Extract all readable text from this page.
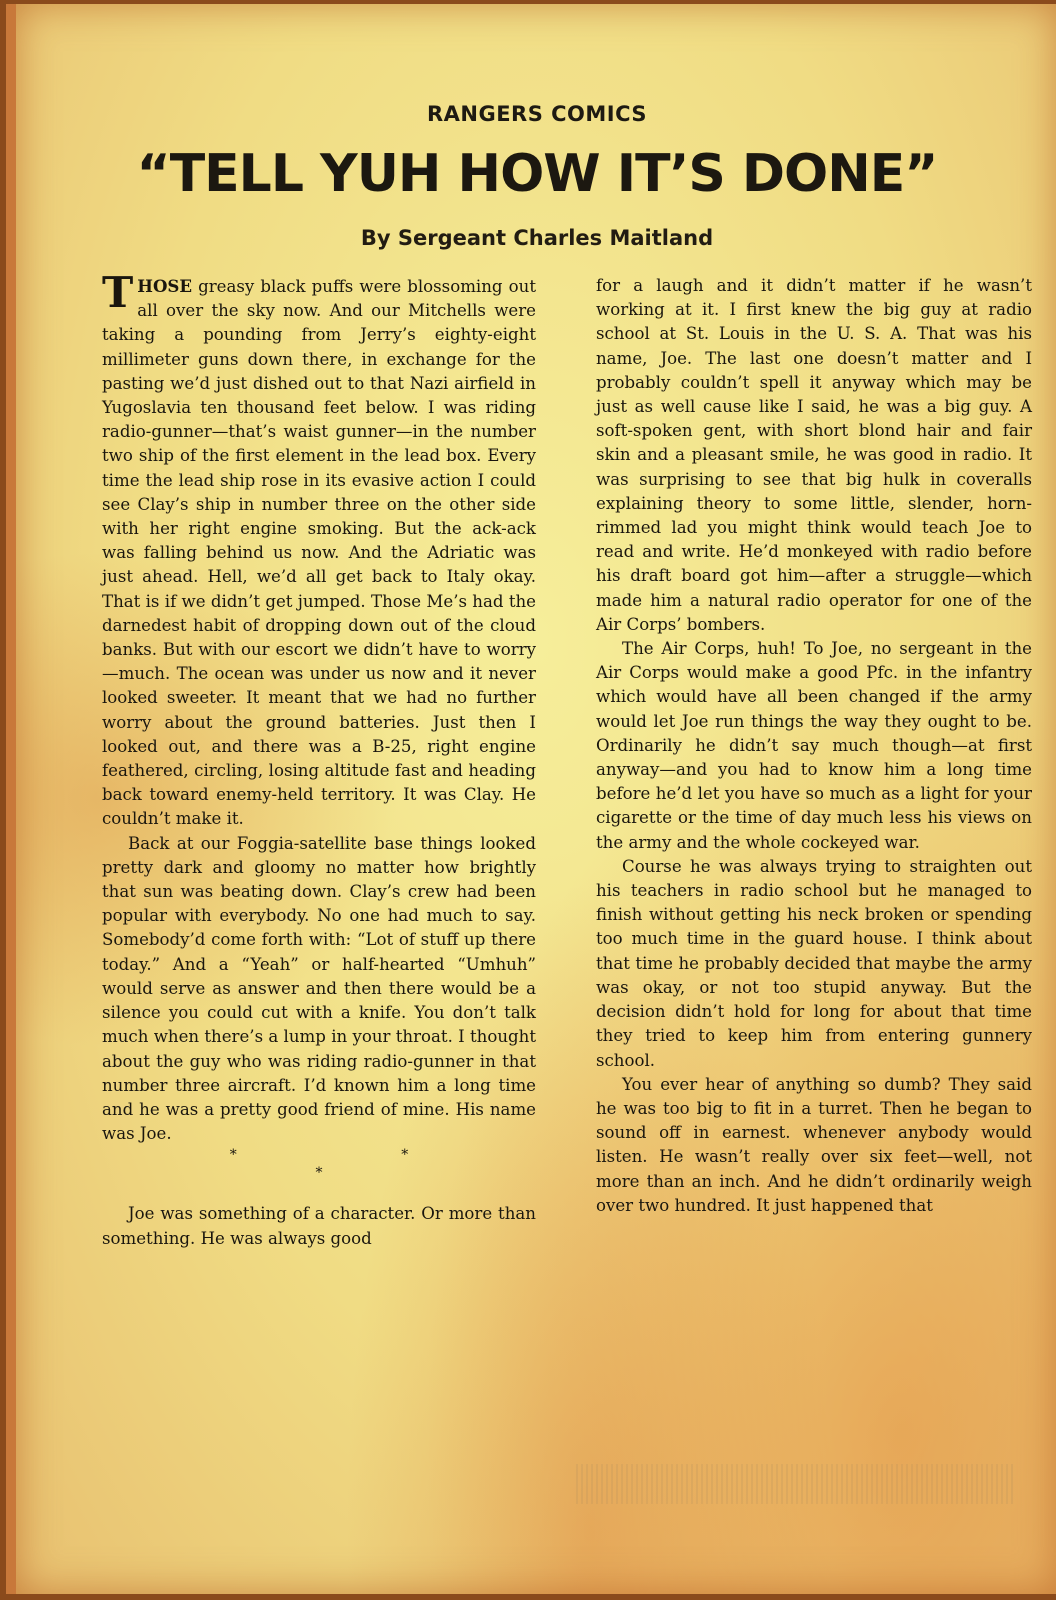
RANGERS COMICS
“TELL YUH HOW IT’S DONE”
By Sergeant Charles Maitland

THOSE greasy black puffs were blossoming out all over the sky now. And our Mitchells were taking a pounding from Jerry’s eighty-eight millimeter guns down there, in exchange for the pasting we’d just dished out to that Nazi airfield in Yugoslavia ten thousand feet below. I was riding radio-gunner—that’s waist gunner—in the number two ship of the first element in the lead box. Every time the lead ship rose in its evasive action I could see Clay’s ship in number three on the other side with her right engine smoking. But the ack-ack was falling behind us now. And the Adriatic was just ahead. Hell, we’d all get back to Italy okay. That is if we didn’t get jumped. Those Me’s had the darnedest habit of dropping down out of the cloud banks. But with our escort we didn’t have to worry—much. The ocean was under us now and it never looked sweeter. It meant that we had no further worry about the ground batteries. Just then I looked out, and there was a B-25, right engine feathered, circling, losing altitude fast and heading back toward enemy-held territory. It was Clay. He couldn’t make it.

Back at our Foggia-satellite base things looked pretty dark and gloomy no matter how brightly that sun was beating down. Clay’s crew had been popular with everybody. No one had much to say. Somebody’d come forth with: “Lot of stuff up there today.” And a “Yeah” or half-hearted “Umhuh” would serve as answer and then there would be a silence you could cut with a knife. You don’t talk much when there’s a lump in your throat. I thought about the guy who was riding radio-gunner in that number three aircraft. I’d known him a long time and he was a pretty good friend of mine. His name was Joe.

* * *

Joe was something of a character. Or more than something. He was always good

for a laugh and it didn’t matter if he wasn’t working at it. I first knew the big guy at radio school at St. Louis in the U. S. A. That was his name, Joe. The last one doesn’t matter and I probably couldn’t spell it anyway which may be just as well cause like I said, he was a big guy. A soft-spoken gent, with short blond hair and fair skin and a pleasant smile, he was good in radio. It was surprising to see that big hulk in coveralls explaining theory to some little, slender, horn-rimmed lad you might think would teach Joe to read and write. He’d monkeyed with radio before his draft board got him—after a struggle—which made him a natural radio operator for one of the Air Corps’ bombers.

The Air Corps, huh! To Joe, no sergeant in the Air Corps would make a good Pfc. in the infantry which would have all been changed if the army would let Joe run things the way they ought to be. Ordinarily he didn’t say much though—at first anyway—and you had to know him a long time before he’d let you have so much as a light for your cigarette or the time of day much less his views on the army and the whole cockeyed war.

Course he was always trying to straighten out his teachers in radio school but he managed to finish without getting his neck broken or spending too much time in the guard house. I think about that time he probably decided that maybe the army was okay, or not too stupid anyway. But the decision didn’t hold for long for about that time they tried to keep him from entering gunnery school.

You ever hear of anything so dumb? They said he was too big to fit in a turret. Then he began to sound off in earnest. whenever anybody would listen. He wasn’t really over six feet—well, not more than an inch. And he didn’t ordinarily weigh over two hundred. It just happened that
